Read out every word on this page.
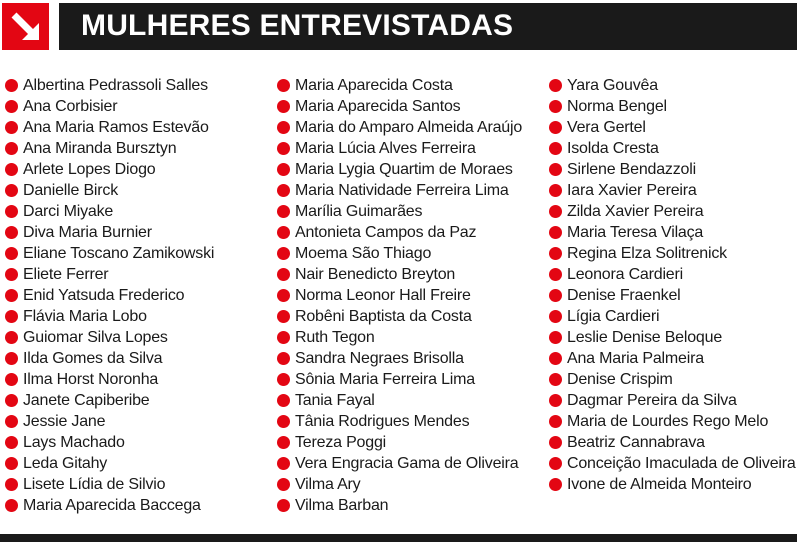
MULHERES ENTREVISTADAS
Albertina Pedrassoli Salles
Ana Corbisier
Ana Maria Ramos Estevão
Ana Miranda Bursztyn
Arlete Lopes Diogo
Danielle Birck
Darci Miyake
Diva Maria Burnier
Eliane Toscano Zamikowski
Eliete Ferrer
Enid Yatsuda Frederico
Flávia Maria Lobo
Guiomar Silva Lopes
Ilda Gomes da Silva
Ilma Horst Noronha
Janete Capiberibe
Jessie Jane
Lays Machado
Leda Gitahy
Lisete Lídia de Silvio
Maria Aparecida Baccega
Maria Aparecida Costa
Maria Aparecida Santos
Maria do Amparo Almeida Araújo
Maria Lúcia Alves Ferreira
Maria Lygia Quartim de Moraes
Maria Natividade Ferreira Lima
Marília Guimarães
Antonieta Campos da Paz
Moema São Thiago
Nair Benedicto Breyton
Norma Leonor Hall Freire
Robêni Baptista da Costa
Ruth Tegon
Sandra Negraes Brisolla
Sônia Maria Ferreira Lima
Tania Fayal
Tânia Rodrigues Mendes
Tereza Poggi
Vera Engracia Gama de Oliveira
Vilma Ary
Vilma Barban
Yara Gouvêa
Norma Bengel
Vera Gertel
Isolda Cresta
Sirlene Bendazzoli
Iara Xavier Pereira
Zilda Xavier Pereira
Maria Teresa Vilaça
Regina Elza Solitrenick
Leonora Cardieri
Denise Fraenkel
Lígia Cardieri
Leslie Denise Beloque
Ana Maria Palmeira
Denise Crispim
Dagmar Pereira da Silva
Maria de Lourdes Rego Melo
Beatriz Cannabrava
Conceição Imaculada de Oliveira
Ivone de Almeida Monteiro
